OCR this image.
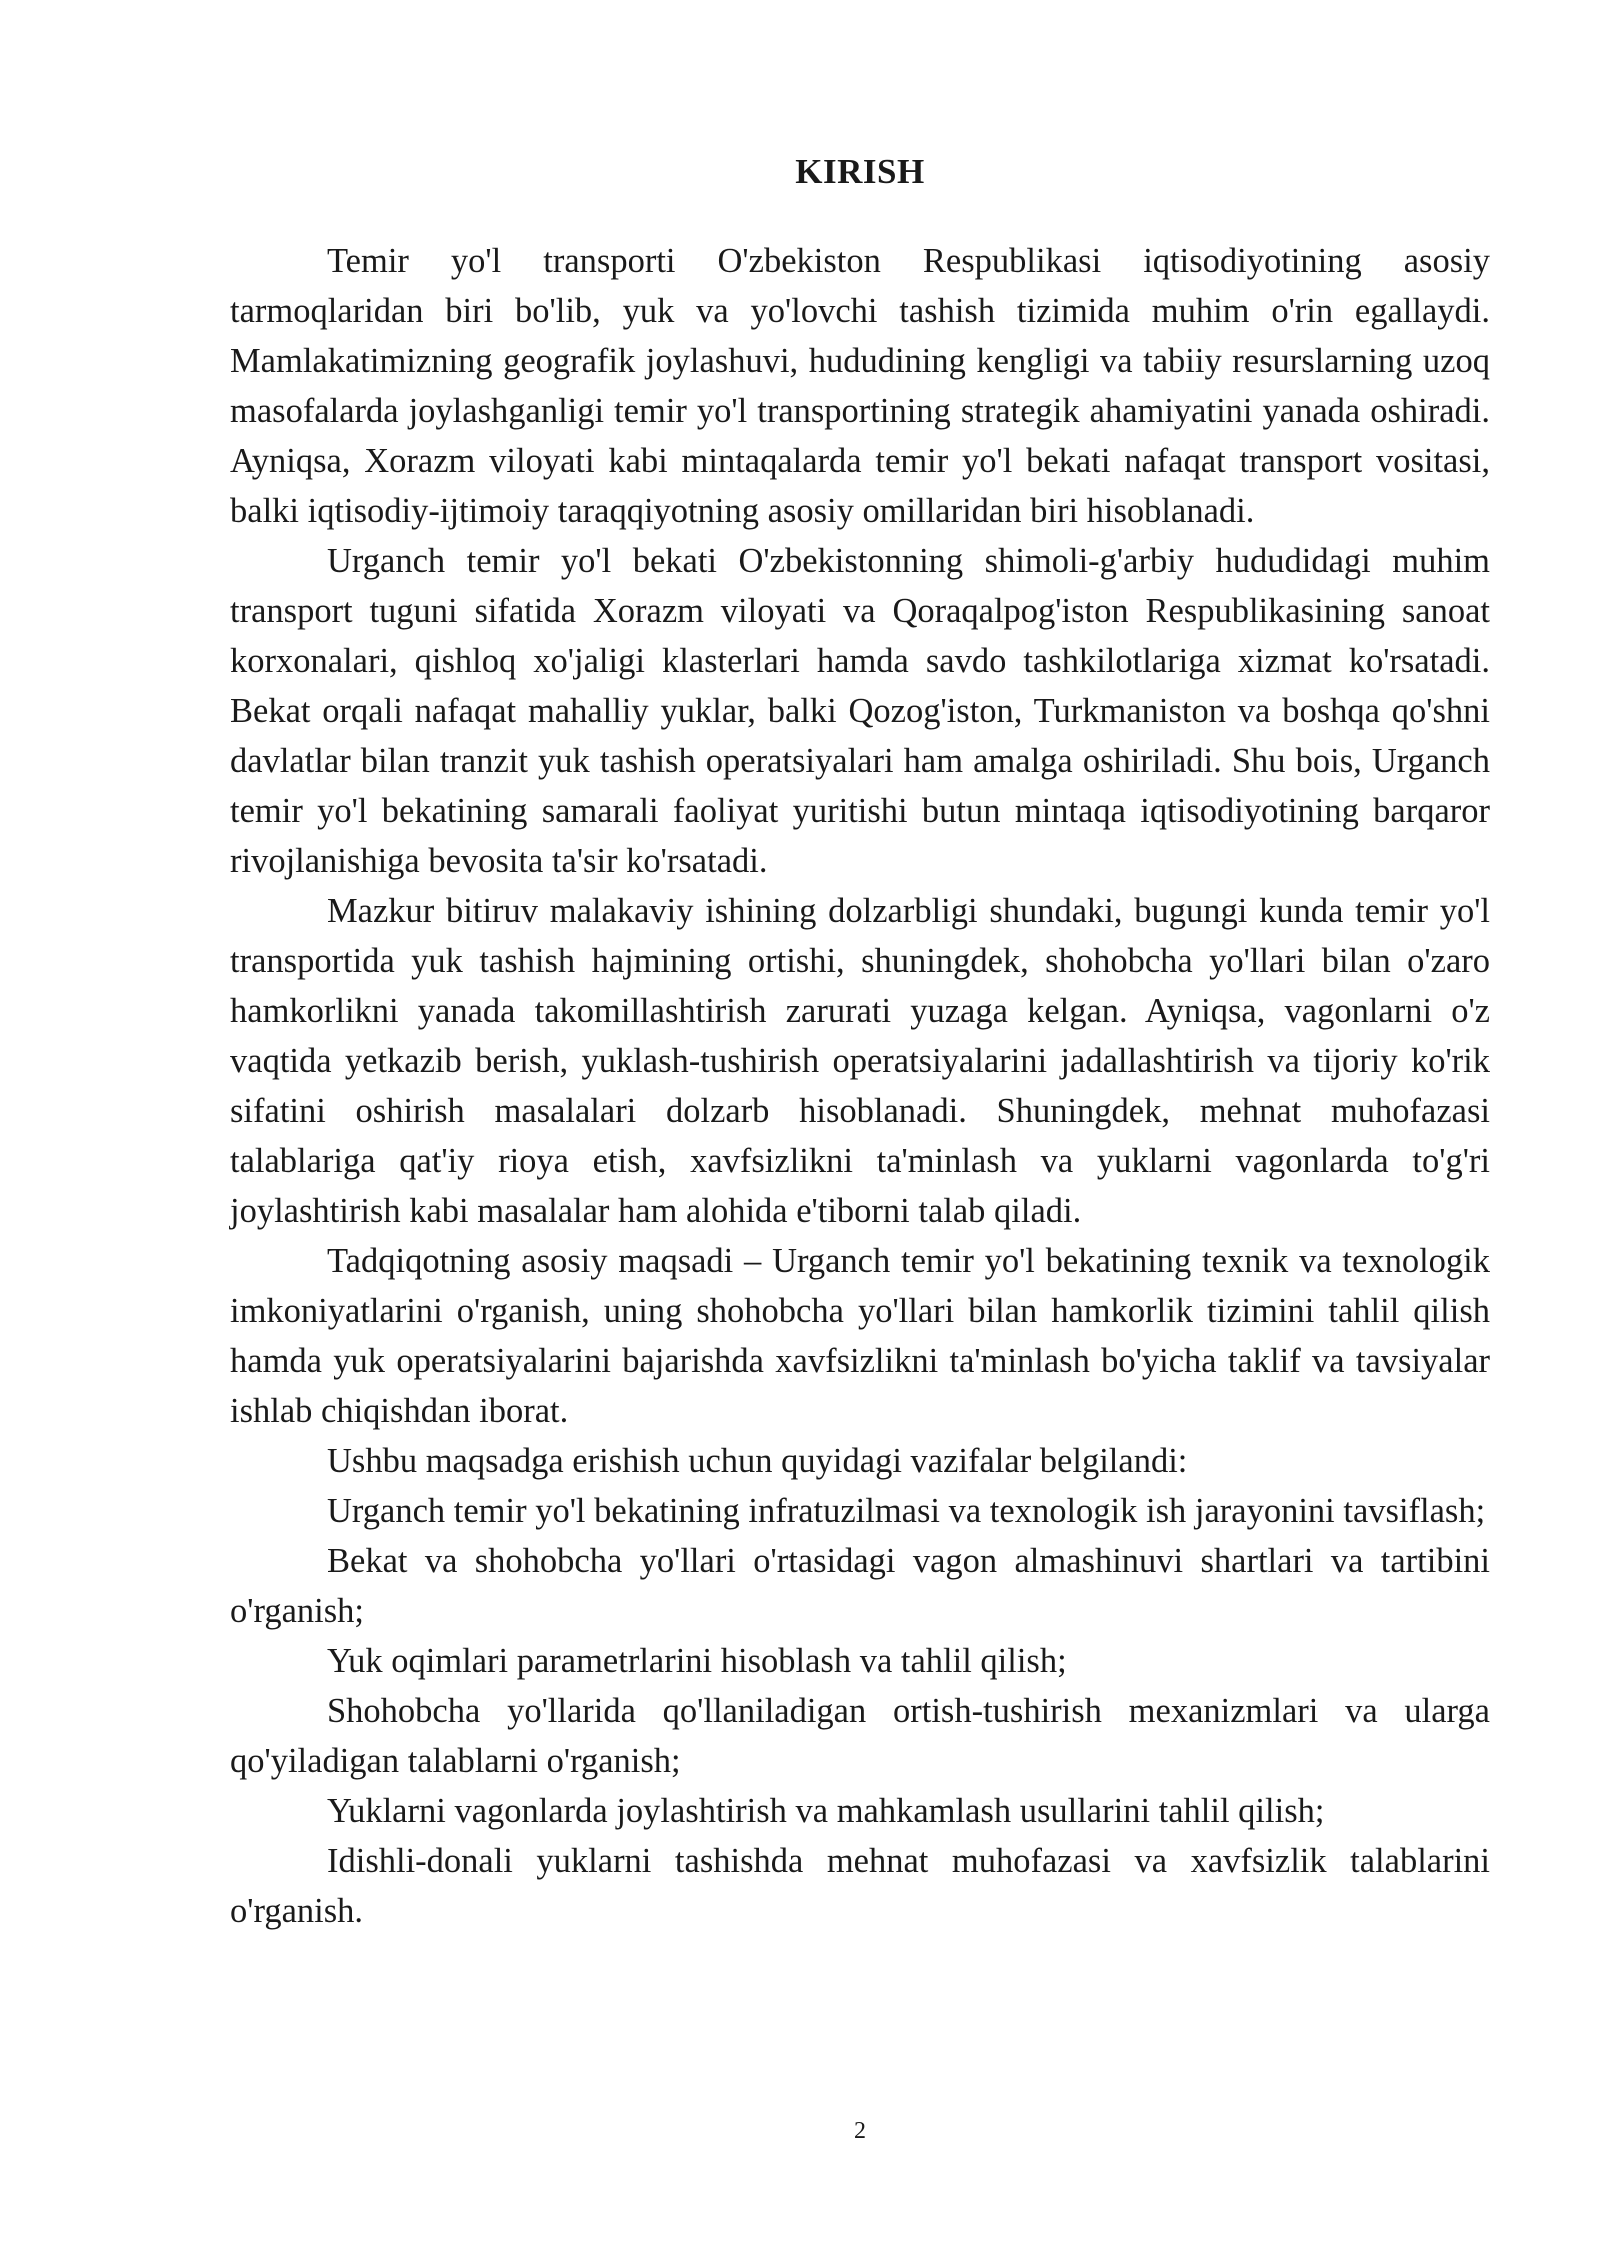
KIRISH

Temir yo'l transporti O'zbekiston Respublikasi iqtisodiyotining asosiy tarmoqlaridan biri bo'lib, yuk va yo'lovchi tashish tizimida muhim o'rin egallaydi. Mamlakatimizning geografik joylashuvi, hududining kengligi va tabiiy resurslarning uzoq masofalarda joylashganligi temir yo'l transportining strategik ahamiyatini yanada oshiradi. Ayniqsa, Xorazm viloyati kabi mintaqalarda temir yo'l bekati nafaqat transport vositasi, balki iqtisodiy-ijtimoiy taraqqiyotning asosiy omillaridan biri hisoblanadi.

Urganch temir yo'l bekati O'zbekistonning shimoli-g'arbiy hududidagi muhim transport tuguni sifatida Xorazm viloyati va Qoraqalpog'iston Respublikasining sanoat korxonalari, qishloq xo'jaligi klasterlari hamda savdo tashkilotlariga xizmat ko'rsatadi. Bekat orqali nafaqat mahalliy yuklar, balki Qozog'iston, Turkmaniston va boshqa qo'shni davlatlar bilan tranzit yuk tashish operatsiyalari ham amalga oshiriladi. Shu bois, Urganch temir yo'l bekatining samarali faoliyat yuritishi butun mintaqa iqtisodiyotining barqaror rivojlanishiga bevosita ta'sir ko'rsatadi.

Mazkur bitiruv malakaviy ishining dolzarbligi shundaki, bugungi kunda temir yo'l transportida yuk tashish hajmining ortishi, shuningdek, shohobcha yo'llari bilan o'zaro hamkorlikni yanada takomillashtirish zarurati yuzaga kelgan. Ayniqsa, vagonlarni o'z vaqtida yetkazib berish, yuklash-tushirish operatsiyalarini jadallashtirish va tijoriy ko'rik sifatini oshirish masalalari dolzarb hisoblanadi. Shuningdek, mehnat muhofazasi talablariga qat'iy rioya etish, xavfsizlikni ta'minlash va yuklarni vagonlarda to'g'ri joylashtirish kabi masalalar ham alohida e'tiborni talab qiladi.

Tadqiqotning asosiy maqsadi – Urganch temir yo'l bekatining texnik va texnologik imkoniyatlarini o'rganish, uning shohobcha yo'llari bilan hamkorlik tizimini tahlil qilish hamda yuk operatsiyalarini bajarishda xavfsizlikni ta'minlash bo'yicha taklif va tavsiyalar ishlab chiqishdan iborat.

Ushbu maqsadga erishish uchun quyidagi vazifalar belgilandi:

Urganch temir yo'l bekatining infratuzilmasi va texnologik ish jarayonini tavsiflash;

Bekat va shohobcha yo'llari o'rtasidagi vagon almashinuvi shartlari va tartibini o'rganish;

Yuk oqimlari parametrlarini hisoblash va tahlil qilish;

Shohobcha yo'llarida qo'llaniladigan ortish-tushirish mexanizmlari va ularga qo'yiladigan talablarni o'rganish;

Yuklarni vagonlarda joylashtirish va mahkamlash usullarini tahlil qilish;

Idishli-donali yuklarni tashishda mehnat muhofazasi va xavfsizlik talablarini o'rganish.

2
